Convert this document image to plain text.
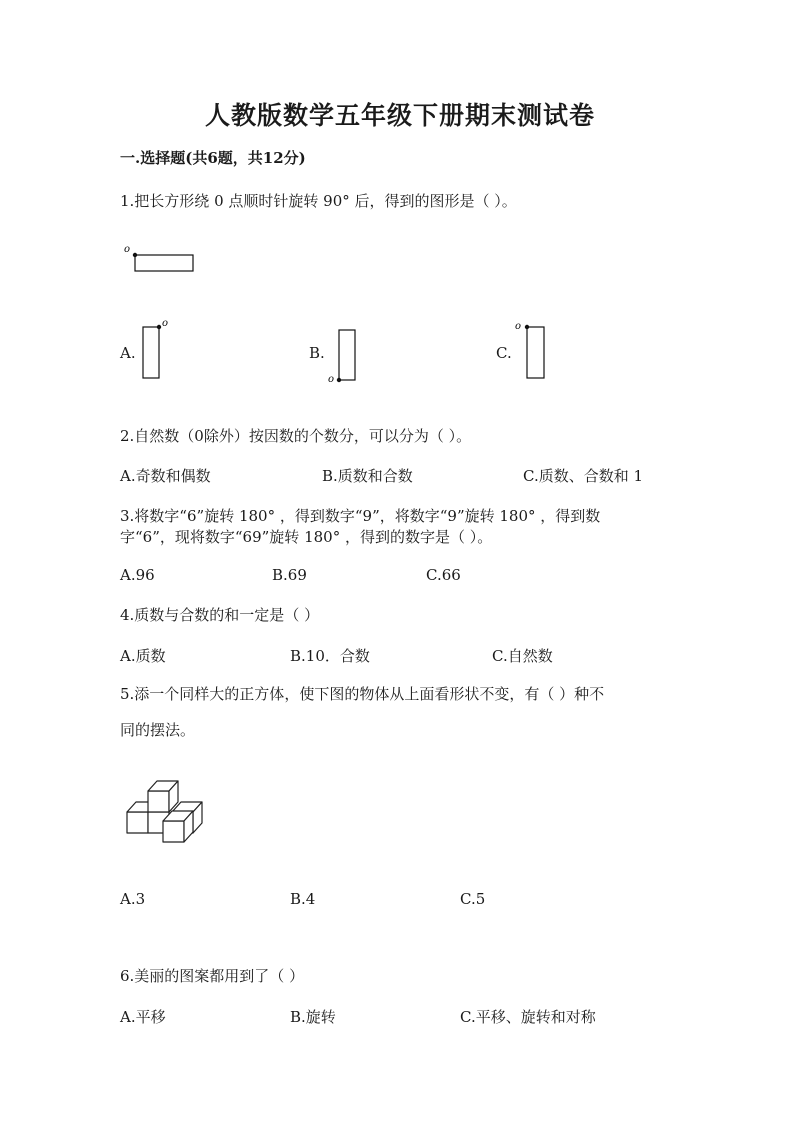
人教版数学五年级下册期末测试卷
一.选择题(共6题，共12分)
1.把长方形绕 0 点顺时针旋转 90° 后，得到的图形是（ ）。
o
A.
o
B.
o
C.
o
2.自然数（0除外）按因数的个数分，可以分为（ ）。
A.奇数和偶数	B.质数和合数	C.质数、合数和 1
3.将数字“6”旋转 180° ，得到数字“9”，将数字“9”旋转 180° ，得到数
字“6”，现将数字“69”旋转 180° ，得到的数字是（ ）。
A.96	B.69	C.66
4.质数与合数的和一定是（ ）
A.质数	B.10．合数	C.自然数
5.添一个同样大的正方体，使下图的物体从上面看形状不变，有（ ）种不
同的摆法。
A.3	B.4	C.5
6.美丽的图案都用到了（ ）
A.平移	B.旋转	C.平移、旋转和对称
